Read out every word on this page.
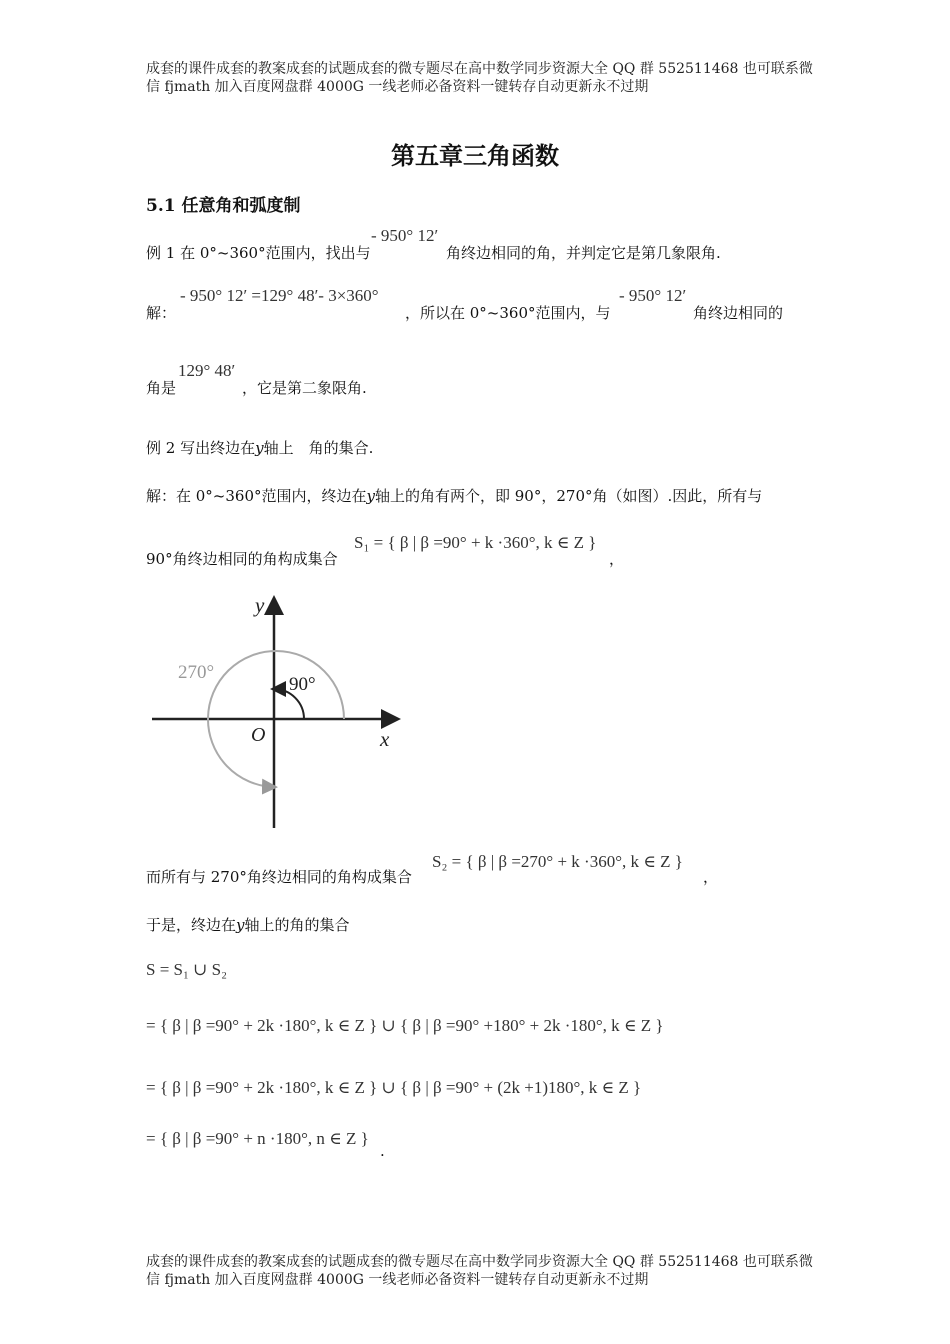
成套的课件成套的教案成套的试题成套的微专题尽在高中数学同步资源大全 QQ 群 552511468 也可联系微
信 fjmath 加入百度网盘群 4000G 一线老师必备资料一键转存自动更新永不过期
第五章三角函数
5.1 任意角和弧度制
例 1 在 0°~360°范围内，找出与
- 950° 12′
角终边相同的角，并判定它是第几象限角.
解：
- 950° 12′ =129° 48′- 3×360°
，所以在 0°~360°范围内，与
- 950° 12′
角终边相同的
角是
129° 48′
，它是第二象限角.
例 2 写出终边在y轴上　角的集合.
解：在 0°~360°范围内，终边在y轴上的角有两个，即 90°，270°角（如图）.因此，所有与
90°角终边相同的角构成集合
S₁ = { β | β =90° + k ·360°, k ∈ Z }
，
y
x
O
90°
270°
而所有与 270°角终边相同的角构成集合
S₂ = { β | β =270° + k ·360°, k ∈ Z }
，
于是，终边在y轴上的角的集合
S = S₁ ∪ S₂
= { β | β =90° + 2k ·180°, k ∈ Z } ∪ { β | β =90° +180° + 2k ·180°, k ∈ Z }
= { β | β =90° + 2k ·180°, k ∈ Z } ∪ { β | β =90° + (2k +1)180°, k ∈ Z }
= { β | β =90° + n ·180°, n ∈ Z }
.
成套的课件成套的教案成套的试题成套的微专题尽在高中数学同步资源大全 QQ 群 552511468 也可联系微
信 fjmath 加入百度网盘群 4000G 一线老师必备资料一键转存自动更新永不过期
